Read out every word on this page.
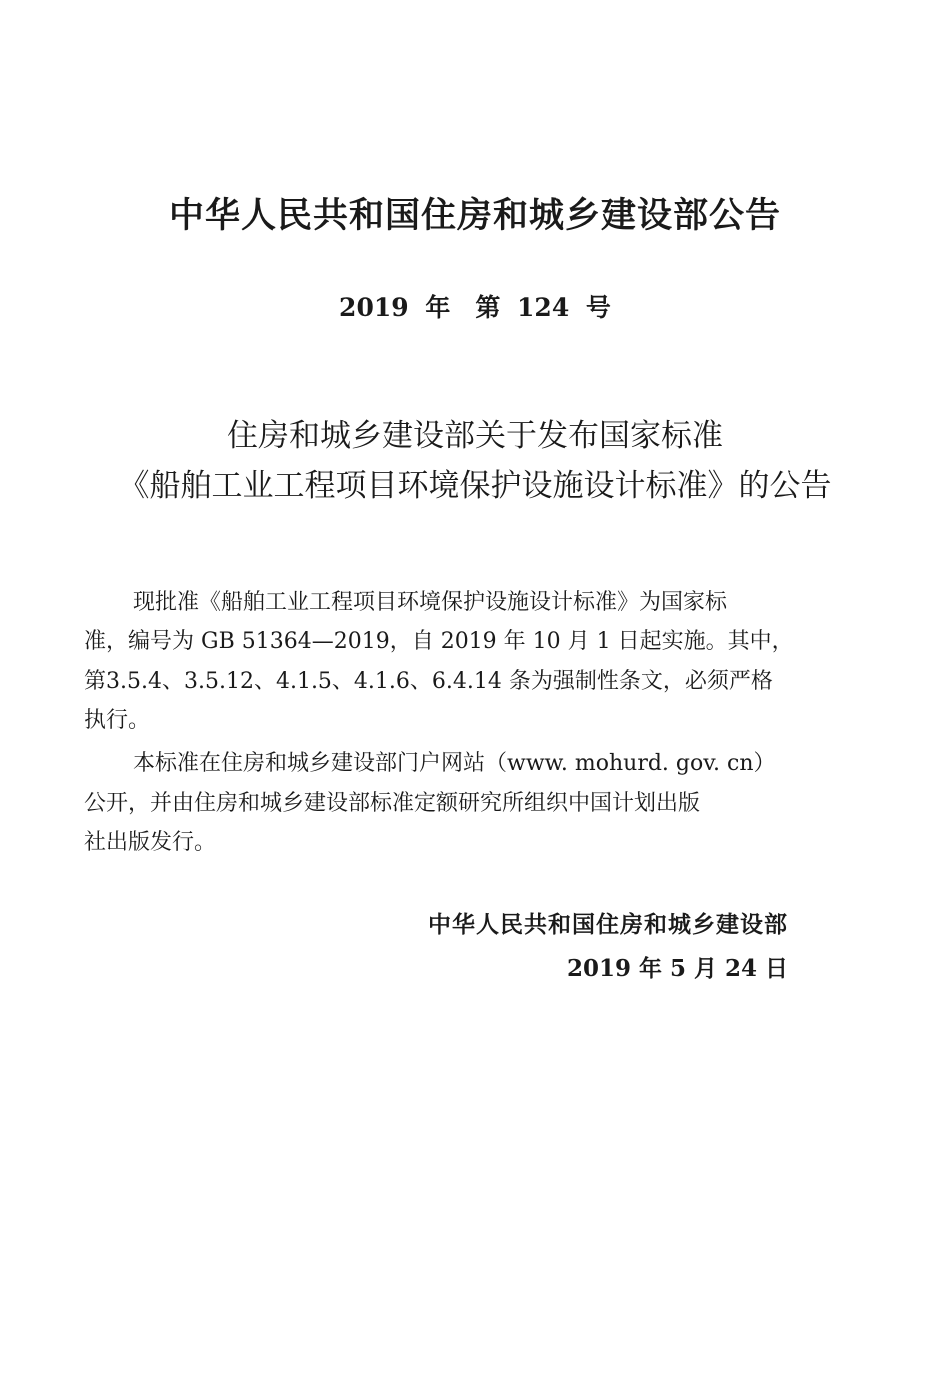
中华人民共和国住房和城乡建设部公告
2019 年　第 124 号
住房和城乡建设部关于发布国家标准
《船舶工业工程项目环境保护设施设计标准》的公告
现批准《船舶工业工程项目环境保护设施设计标准》为国家标
准，编号为 GB 51364—2019，自 2019 年 10 月 1 日起实施。其中，
第3.5.4、3.5.12、4.1.5、4.1.6、6.4.14 条为强制性条文，必须严格
执行。
本标准在住房和城乡建设部门户网站（www. mohurd. gov. cn）
公开，并由住房和城乡建设部标准定额研究所组织中国计划出版
社出版发行。
中华人民共和国住房和城乡建设部
2019 年 5 月 24 日
